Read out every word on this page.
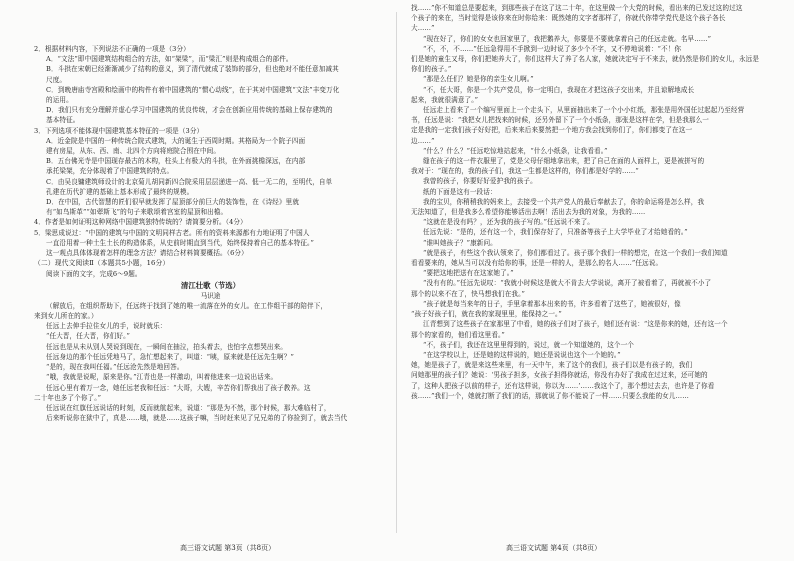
2．根据材料内容，下列说法不正确的一项是（3分）

A．“文法”即中国建筑结构组合的方法，如“架梁”，而“梁汇”则是构成组合的部件。

B．斗拱在宋朝已经渐渐减少了结构的意义，到了清代就成了装饰的部分，但也绝对不能任意加减其

尺度。

C．到晚唐庙寺宫殿和绘画中的构件有着中国建筑的“惯心动线”，在于其对中国建筑“文法”丰变万化

的运用。

D．我们只有充分理解并虚心学习中国建筑的优良传统，才会在创新应用传统的基础上保存建筑的

基本特征。

3．下列选项不能体现中国建筑基本特征的一项是（3分）

A．近金院是中国的一种传统合院式建筑，大的诞生于西周时期。其格局为一个院子四面

建有房屋，从东、西、南、北四个方向将庭院合围在中间。

B．五台佛光寺是中国现存最古的木构，柱头上有极大的斗拱，在外面挑檐深远，在内部

承托梁架，充分体现着了中国建筑的特点。

C．由吴良镛建筑师设计的北京菊儿胡同新四合院采用层层递进一高、低一无二的，至明代，自单

孔建在历代扩建的基础上基本形成了最终的规模。

D．在中国，古代智慧的匠们很早就发挥了屋顶部分前巨大的装饰性，在《诗经》里就

有“如鸟斯革”“如翚斯飞”的句子来歌颂着宫室的屋顶和出檐。

4．作者是如何证明这种网络中国建筑独特传统的？请简要分析。（4分）

5．梁思成说过：“中国的建筑与中国的文明同样古老。所有的资料来源都有力地证明了中国人

一直沿用着一种土生土长的构造体系，从史前时期直到当代，始终保持着自己的基本特征。”

这一观点具体体现着怎样的理念方法？请结合材料简要概括。（6分）

（二）现代文阅读Ⅱ（本题共5小题，16分）

阅读下面的文字，完成6～9题。

清江壮歌（节选）

马识途

（解放后，在组织帮助下，任远终于找到了她的唯一流落在外的女儿。在工作组干部的陪伴下，

来到女儿所在的家。）

任远上去伸手拉住女儿的手，说时就乐：

“任大晋，任大晋，你们好。”

任远也是从未从别人哭说到现在，一瞬间在抽泣，拍头着去，也怕字点想哭出来。

任远身边的那个任远凭地马了，急忙想起来了，叫道：“咦，原来就是任远先生啊？”

“是的，现在我叫任福。”任远沧先然是地回答。

“哦，我就是说呢，原来是你。”江青也是一样激动，叫着他进来一边说出话来。

任远心里有着万一念，她任远老我和任远：“大哥，大嫂，辛苦你们帮我出了孩子教养。这

二十年也多了个你了。”

任远说在红旗任远说话的时刻，反而就航起来，说道：“那是为不然，那个时候，那大难临村了，

后来听说你在狱中了，真是……哦，就是……这孩子嘛，当时赶来见了兄兄弟的了你捡到了，就去当代

找……”你不知道总是要起来，到那些孩子在这了这二十年，在这里做一个大党的时候，看出来的已发过这的过这

个孩子的来在，当时觉得是该你来在时你给来：既然她的文字者那样了，你就代你带学党代是这个孩子各长

大……”

“现在好了，你们的女女也回家里了，我把鹅养大，你要是不要就拿着自己的任远走就。名早……”

“不，不，不……”任远急得用不手掀到一边时说了多少个不字，又不停地说着：“不！你

们是她的童生又母，你们把她养大了，你们这样大了养了名人家，她就决定写于不来去，就仍然是你们的女儿，永远是

你们的孩子。”

“那是么任们？她是你的亲生女儿啊。”

“不，任大哥，你是一个共产党员，你一定明白，我现在才把这孩子交出来，并且谅解地成长

起来，我就很满意了。”

任远走上看来了一个编写里面上一个走头下，从里面抽出来了一个小小红纸，那张是用外国任过起起乃至经营

书，任远是说：“我把女儿把找来的时候，还另外留下了一个小纸条，那张是这样在学，但是我那么一

定是我的一定我们孩子好好把，后来来后来要然把一个地方我会找到你们了，你们都变了在这一

边……”

“什么？什么？”任远吃惊地站起来，“什么小纸条，让我看看。”

缝在孩子的这一件衣服里了，党是父母仔细地拿出来，把了自己在面的人面样上，更是被拼写的

我对于：“现在的，我的孩子们，我这一生都是这样的，你们都是好学的……”

我曾的孩子，你要好好爱护我的孩子。

纸的下面是这有一段话：

我的宝贝，你稍稍我的妈来上，去接受一个共产党人的最后奉献去了，你的命运将是怎么样，我

无法知道了，但是我多么希望你能够活出去啊！活出去为我的对象，为我的……

“这就在是没有吗？，还为我的孩子写的。”任远说不来了。

任远先说：“是的，还有这一个，我们保存好了，只准备等孩子上大学毕业了才给她看的。”

“谁叫她孩子？”康新问。

“就是孩子，有些这个我认领来了，你们都看过了。孩子那个我们一样的想完，在这一个我们一我们知道

看看要来的，她从当可以没有给你的事，还是一样的人，是那么的名人……”任远说。

“要把这地把送有在这家她了。”

“没有有的。”任远先说叹：“我就小时候这是就大不肯去大学说说，离开了被看着了，再就被不小了

那个的以来不在了，快马想我们在我。”

“孩子就是每当来年的日子，手里拿着那本出来的书，许多看着了这些了，她被很好，像

“孩子好孩子们，就在我的家现里里，能保持之一。”

江青想到了这些孩子在家那里了中看，她的孩子们对了孩子，她们还有说：“这是你来的她，还有这一个

那个的家看的，他们看这里看。”

“不，孩子们，我还在这里里得到的，说过，就一个知道她的，这个一个

“在这学校以上，还是她的这样说的，她还是说说也这个一个她的。”

她，她是孩子了，就是来这些来里，有一天中午，来了这个的我们，孩子们以是有孩子的，我们

问她那里的孩子们？她说：‘男孩子担多，女孩子担得你就话，你没有办好了我成在过过来，还可她的

了，这种人把孩子以前的样子，还有这样说，你以为……’……我这个了，那个想过去去，也许是了你看

孩……”我们一个，她就打断了我们的话，那就说了你不能说了一样……只要么我能的女儿……

高三语文试题 第3页（共8页）	高三语文试题 第4页（共8页）
